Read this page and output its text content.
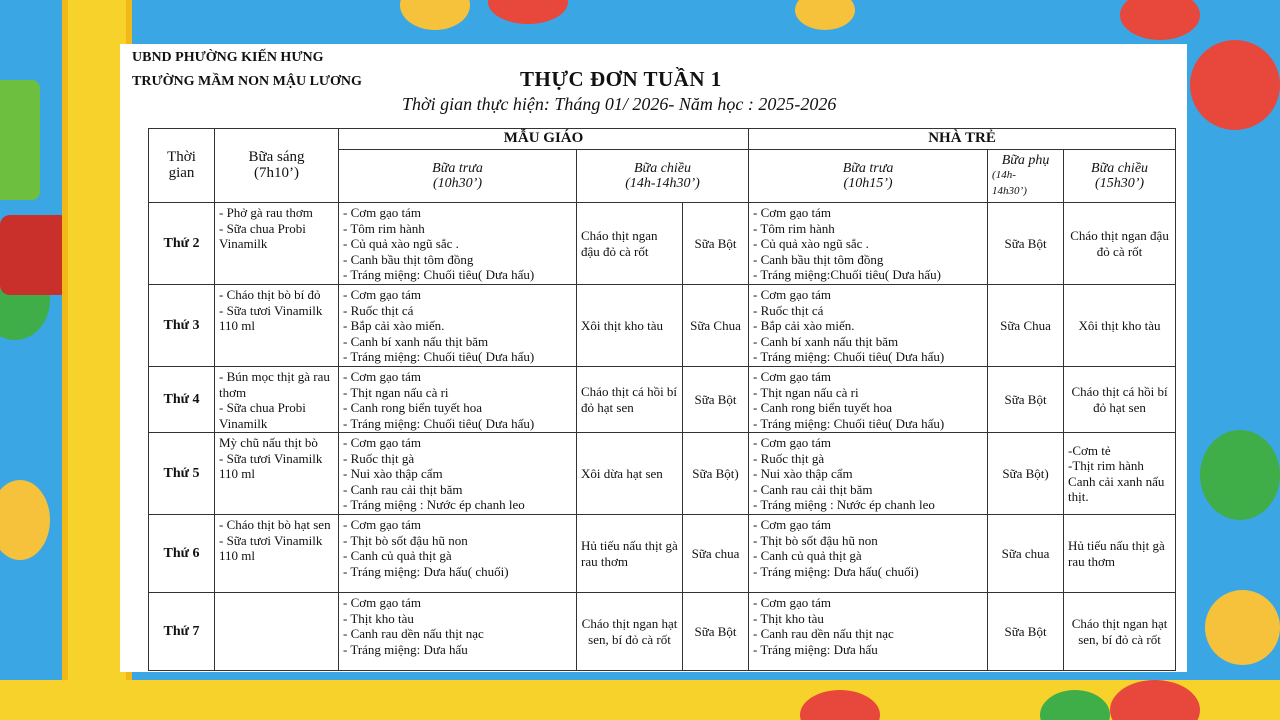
UBND PHƯỜNG KIẾN HƯNG
TRƯỜNG MẦM NON MẬU LƯƠNG	THỰC ĐƠN TUẦN 1
Thời gian thực hiện: Tháng 01/ 2026- Năm học : 2025-2026
Thời
gian	Bữa sáng
(7h10’)	MẪU GIÁO			NHÀ TRẺ		
		Bữa trưa
(10h30’)	Bữa chiều
(14h-14h30’)		Bữa trưa
(10h15’)	Bữa phụ
(14h-
14h30’)	Bữa chiều
(15h30’)
Thứ 2	- Phở gà rau thơm
- Sữa chua Probi Vinamilk	- Cơm gạo tám
- Tôm rim hành
- Củ quả xào ngũ sắc .
- Canh bầu thịt tôm đồng
- Tráng miệng: Chuối tiêu( Dưa hấu)	Cháo thịt ngan đậu đỏ cà rốt	Sữa Bột	- Cơm gạo tám
- Tôm rim hành
- Củ quả xào ngũ sắc .
- Canh bầu thịt tôm đồng
- Tráng miệng:Chuối tiêu( Dưa hấu)	Sữa Bột	Cháo thịt ngan đậu đỏ cà rốt
Thứ 3	- Cháo thịt bò bí đỏ
- Sữa tươi Vinamilk 110 ml	- Cơm gạo tám
- Ruốc thịt cá
- Bắp cải xào miến.
- Canh bí xanh nấu thịt băm
- Tráng miệng: Chuối tiêu( Dưa hấu)	Xôi thịt kho tàu	Sữa Chua	- Cơm gạo tám
- Ruốc thịt cá
- Bắp cải xào miến.
- Canh bí xanh nấu thịt băm
- Tráng miệng: Chuối tiêu( Dưa hấu)	Sữa Chua	Xôi thịt kho tàu
Thứ 4	- Bún mọc thịt gà rau thơm
- Sữa chua Probi Vinamilk	- Cơm gạo tám
- Thịt ngan nấu cà ri
- Canh rong biển tuyết hoa
- Tráng miệng: Chuối tiêu( Dưa hấu)	Cháo thịt cá hồi bí đỏ hạt sen	Sữa Bột	- Cơm gạo tám
- Thịt ngan nấu cà ri
- Canh rong biển tuyết hoa
- Tráng miệng: Chuối tiêu( Dưa hấu)	Sữa Bột	Cháo thịt cá hồi bí đỏ hạt sen
Thứ 5	Mỳ chũ nấu thịt bò
- Sữa tươi Vinamilk 110 ml	- Cơm gạo tám
- Ruốc thịt gà
- Nui xào thập cẩm
- Canh rau cải thịt băm
- Tráng miệng : Nước ép chanh leo	Xôi dừa hạt sen	Sữa Bột)	- Cơm gạo tám
- Ruốc thịt gà
- Nui xào thập cẩm
- Canh rau cải thịt băm
- Tráng miệng : Nước ép chanh leo	Sữa Bột)	-Cơm tẻ
-Thịt rim hành
Canh cải xanh nấu thịt.
Thứ 6	- Cháo thịt bò hạt sen
- Sữa tươi Vinamilk 110 ml	- Cơm gạo tám
- Thịt bò sốt đậu hũ non
- Canh củ quả thịt gà
- Tráng miệng: Dưa hấu( chuối)	Hủ tiếu nấu thịt gà rau thơm	Sữa chua	- Cơm gạo tám
- Thịt bò sốt đậu hũ non
- Canh củ quả thịt gà
- Tráng miệng: Dưa hấu( chuối)	Sữa chua	Hủ tiếu nấu thịt gà rau thơm
Thứ 7		- Cơm gạo tám
- Thịt kho tàu
- Canh rau dền nấu thịt nạc
- Tráng miệng: Dưa hấu	Cháo thịt ngan hạt sen, bí đỏ cà rốt	Sữa Bột	- Cơm gạo tám
- Thịt kho tàu
- Canh rau dền nấu thịt nạc
- Tráng miệng: Dưa hấu	Sữa Bột	Cháo thịt ngan hạt sen, bí đỏ cà rốt
